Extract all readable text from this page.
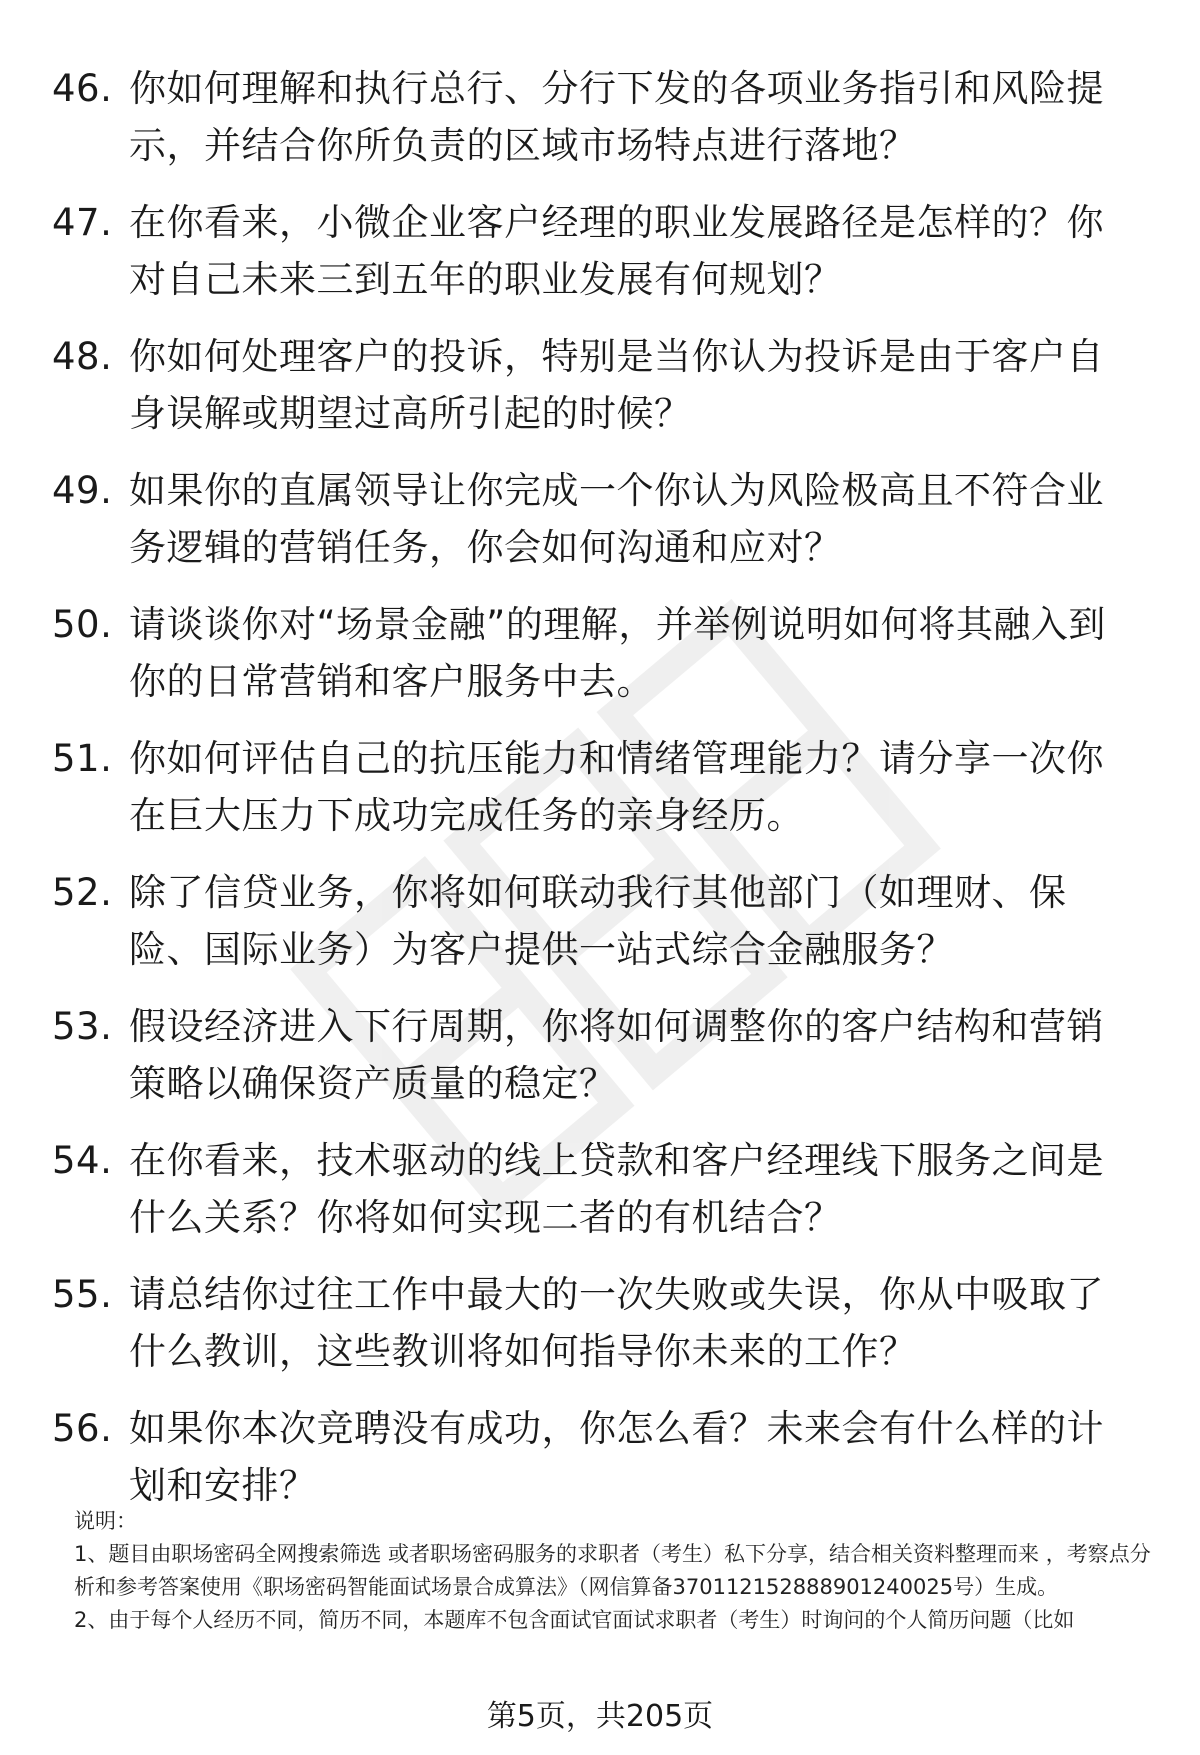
46. 你如何理解和执行总行、分行下发的各项业务指引和风险提示，并结合你所负责的区域市场特点进行落地？
47. 在你看来，小微企业客户经理的职业发展路径是怎样的？你对自己未来三到五年的职业发展有何规划？
48. 你如何处理客户的投诉，特别是当你认为投诉是由于客户自身误解或期望过高所引起的时候？
49. 如果你的直属领导让你完成一个你认为风险极高且不符合业务逻辑的营销任务，你会如何沟通和应对？
50. 请谈谈你对“场景金融”的理解，并举例说明如何将其融入到你的日常营销和客户服务中去。
51. 你如何评估自己的抗压能力和情绪管理能力？请分享一次你在巨大压力下成功完成任务的亲身经历。
52. 除了信贷业务，你将如何联动我行其他部门（如理财、保险、国际业务）为客户提供一站式综合金融服务？
53. 假设经济进入下行周期，你将如何调整你的客户结构和营销策略以确保资产质量的稳定？
54. 在你看来，技术驱动的线上贷款和客户经理线下服务之间是什么关系？你将如何实现二者的有机结合？
55. 请总结你过往工作中最大的一次失败或失误，你从中吸取了什么教训，这些教训将如何指导你未来的工作？
56. 如果你本次竞聘没有成功，你怎么看？未来会有什么样的计划和安排？

说明：

1、题目由职场密码全网搜索筛选 或者职场密码服务的求职者（考生）私下分享，结合相关资料整理而来 ，考察点分析和参考答案使用《职场密码智能面试场景合成算法》（网信算备370112152888901240025号）生成。

2、由于每个人经历不同，简历不同，本题库不包含面试官面试求职者（考生）时询问的个人简历问题（比如

第5页，共205页
